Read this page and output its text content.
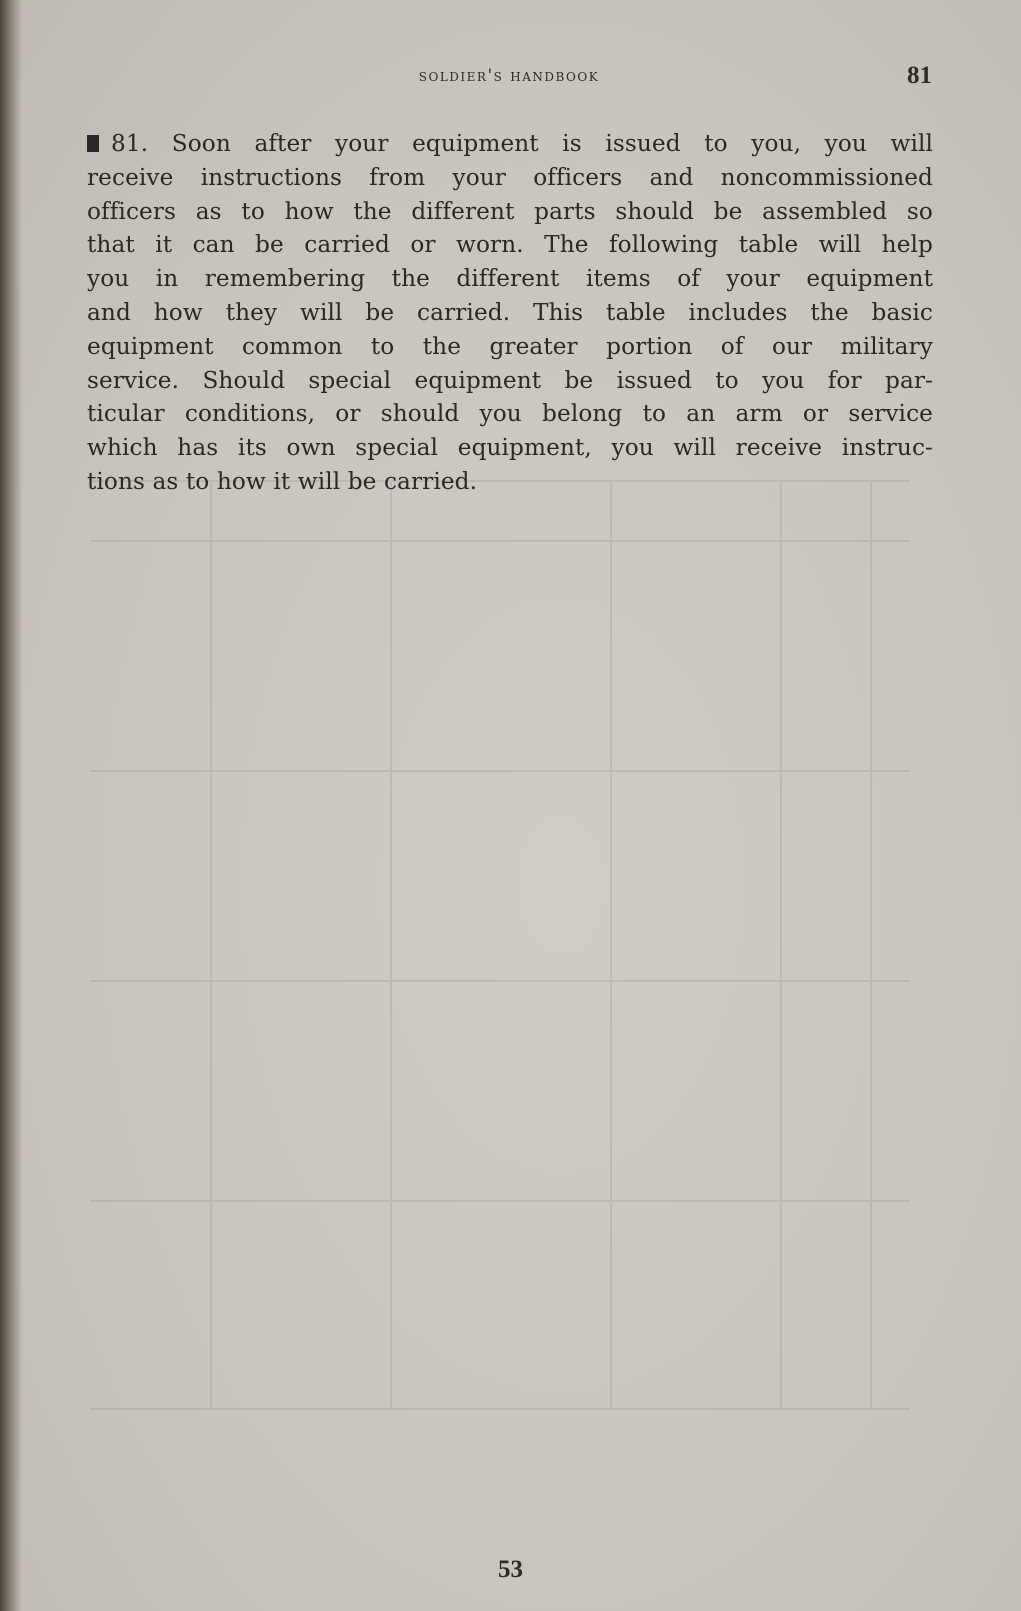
soldier's handbook	81
81. Soon after your equipment is issued to you, you will
receive instructions from your officers and noncommissioned
officers as to how the different parts should be assembled so
that it can be carried or worn. The following table will help
you in remembering the different items of your equipment
and how they will be carried. This table includes the basic
equipment common to the greater portion of our military
service. Should special equipment be issued to you for par-
ticular conditions, or should you belong to an arm or service
which has its own special equipment, you will receive instruc-
tions as to how it will be carried.
53
